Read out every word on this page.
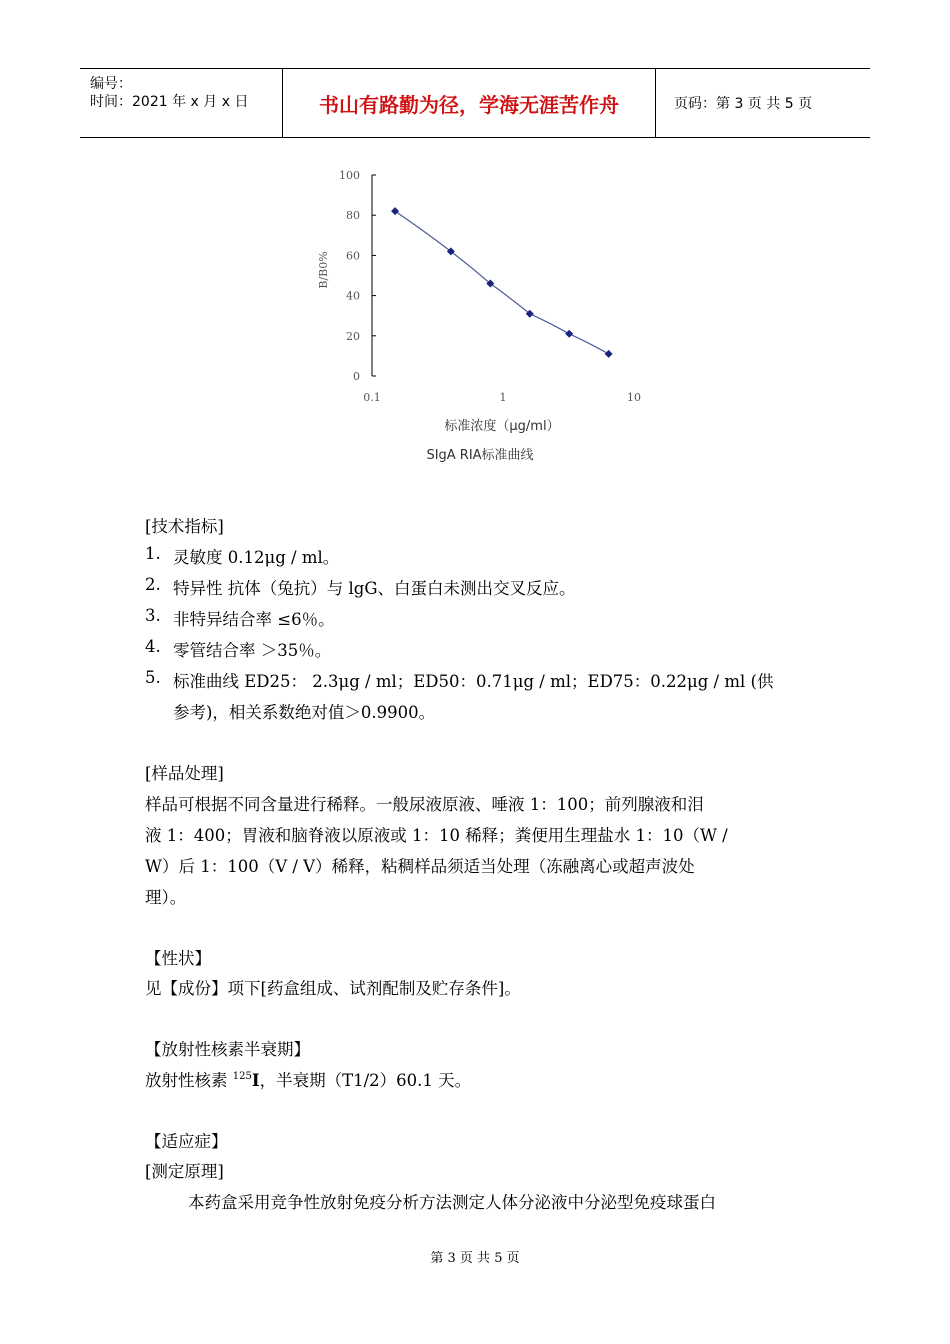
编号：
时间：2021 年 x 月 x 日	书山有路勤为径，学海无涯苦作舟	页码：第 3 页 共 5 页
100
80
60
40
20
0
0.1	1	10
B/B0%
标准浓度（μg/ml）
SIgA RIA标准曲线
[技术指标]
1. 灵敏度 0.12μg / ml。
2. 特异性 抗体（兔抗）与 lgG、白蛋白未测出交叉反应。
3. 非特异结合率 ≤6％。
4. 零管结合率 ＞35％。
5. 标准曲线 ED25： 2.3μg / ml；ED50：0.71μg / ml；ED75：0.22μg / ml (供
参考)，相关系数绝对值＞0.9900。
[样品处理]
样品可根据不同含量进行稀释。一般尿液原液、唾液 1：100；前列腺液和泪
液 1：400；胃液和脑脊液以原液或 1：10 稀释；粪便用生理盐水 1：10（W /
W）后 1：100（V / V）稀释，粘稠样品须适当处理（冻融离心或超声波处
理）。
【性状】
见【成份】项下[药盒组成、试剂配制及贮存条件]。
【放射性核素半衰期】
放射性核素 $^{125}$I，半衰期（T1/2）60.1 天。
【适应症】
[测定原理]
本药盒采用竞争性放射免疫分析方法测定人体分泌液中分泌型免疫球蛋白
第 3 页 共 5 页
